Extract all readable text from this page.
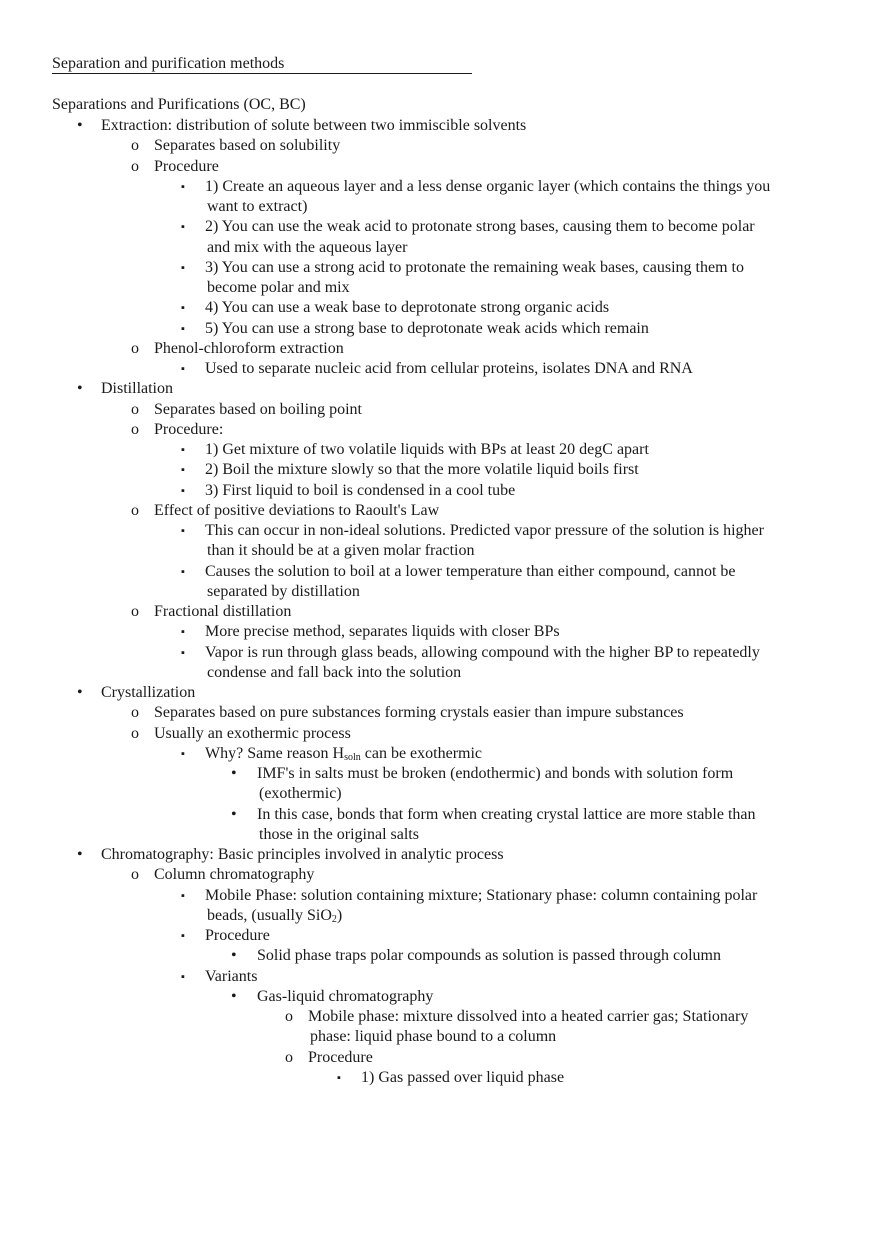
Separation and purification methods
Separations and Purifications (OC, BC)
• Extraction: distribution of solute between two immiscible solvents
o Separates based on solubility
o Procedure
▪ 1) Create an aqueous layer and a less dense organic layer (which contains the things you
want to extract)
▪ 2) You can use the weak acid to protonate strong bases, causing them to become polar
and mix with the aqueous layer
▪ 3) You can use a strong acid to protonate the remaining weak bases, causing them to
become polar and mix
▪ 4) You can use a weak base to deprotonate strong organic acids
▪ 5) You can use a strong base to deprotonate weak acids which remain
o Phenol-chloroform extraction
▪ Used to separate nucleic acid from cellular proteins, isolates DNA and RNA
• Distillation
o Separates based on boiling point
o Procedure:
▪ 1) Get mixture of two volatile liquids with BPs at least 20 degC apart
▪ 2) Boil the mixture slowly so that the more volatile liquid boils first
▪ 3) First liquid to boil is condensed in a cool tube
o Effect of positive deviations to Raoult's Law
▪ This can occur in non-ideal solutions. Predicted vapor pressure of the solution is higher
than it should be at a given molar fraction
▪ Causes the solution to boil at a lower temperature than either compound, cannot be
separated by distillation
o Fractional distillation
▪ More precise method, separates liquids with closer BPs
▪ Vapor is run through glass beads, allowing compound with the higher BP to repeatedly
condense and fall back into the solution
• Crystallization
o Separates based on pure substances forming crystals easier than impure substances
o Usually an exothermic process
▪ Why? Same reason $H_{soln}$ can be exothermic
• IMF's in salts must be broken (endothermic) and bonds with solution form
(exothermic)
• In this case, bonds that form when creating crystal lattice are more stable than
those in the original salts
• Chromatography: Basic principles involved in analytic process
o Column chromatography
▪ Mobile Phase: solution containing mixture; Stationary phase: column containing polar
beads, (usually SiO$_2$)
▪ Procedure
• Solid phase traps polar compounds as solution is passed through column
▪ Variants
• Gas-liquid chromatography
o Mobile phase: mixture dissolved into a heated carrier gas; Stationary
phase: liquid phase bound to a column
o Procedure
▪ 1) Gas passed over liquid phase
